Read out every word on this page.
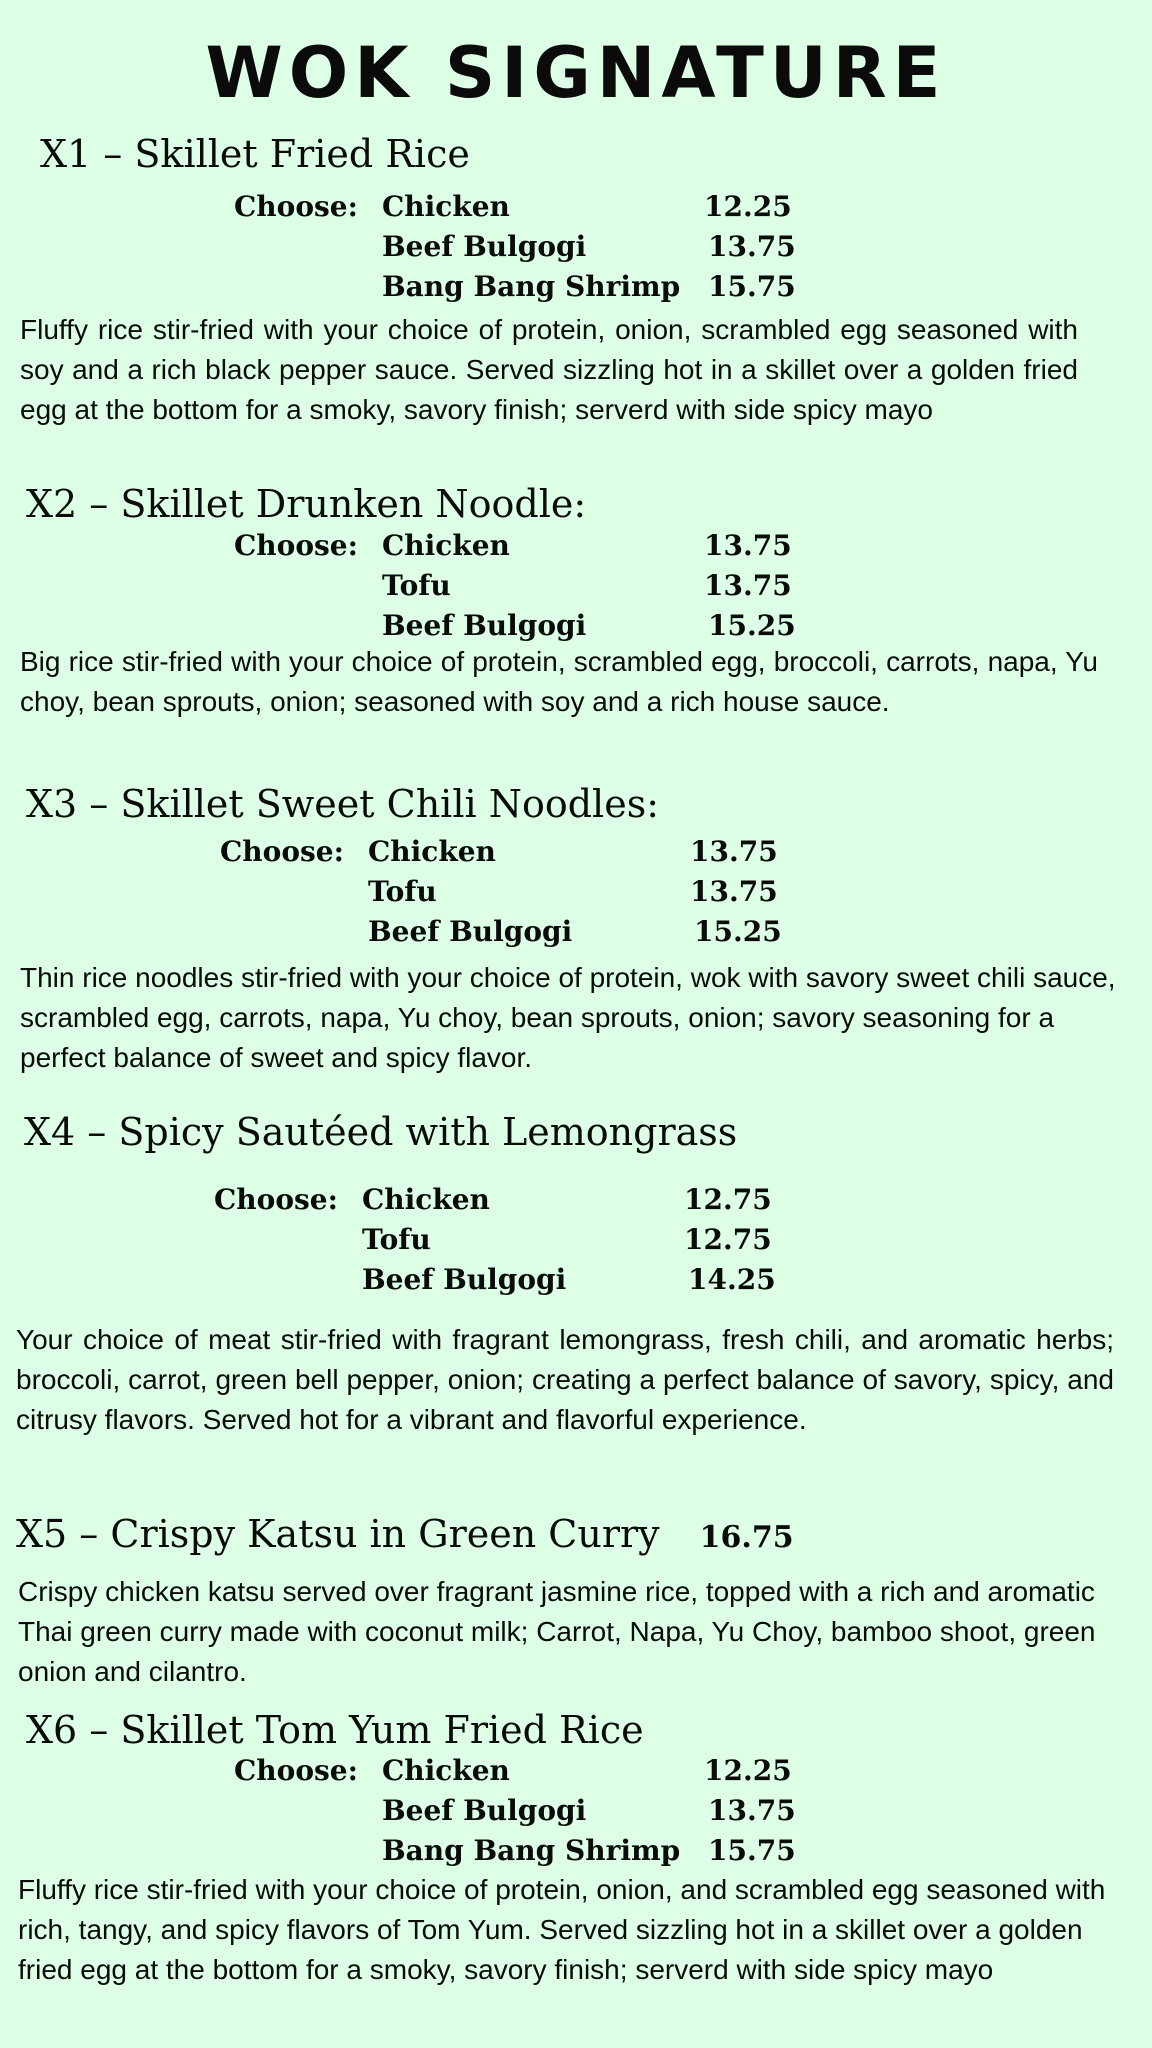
WOK SIGNATURE
X1 – Skillet Fried Rice
Choose: Chicken	12.25
Beef Bulgogi	13.75
Bang Bang Shrimp 15.75
Fluffy rice stir-fried with your choice of protein, onion, scrambled egg seasoned with soy and a rich black pepper sauce. Served sizzling hot in a skillet over a golden fried egg at the bottom for a smoky, savory finish; serverd with side spicy mayo
X2 – Skillet Drunken Noodle:
Choose: Chicken	13.75
Tofu	13.75
Beef Bulgogi	15.25
Big rice stir-fried with your choice of protein, scrambled egg, broccoli, carrots, napa, Yu choy, bean sprouts, onion; seasoned with soy and a rich house sauce.
X3 – Skillet Sweet Chili Noodles:
Choose: Chicken	13.75
Tofu	13.75
Beef Bulgogi	15.25
Thin rice noodles stir-fried with your choice of protein, wok with savory sweet chili sauce, scrambled egg, carrots, napa, Yu choy, bean sprouts, onion; savory seasoning for a perfect balance of sweet and spicy flavor.
X4 – Spicy Sautéed with Lemongrass
Choose: Chicken	12.75
Tofu	12.75
Beef Bulgogi	14.25
Your choice of meat stir-fried with fragrant lemongrass, fresh chili, and aromatic herbs; broccoli, carrot, green bell pepper, onion; creating a perfect balance of savory, spicy, and citrusy flavors. Served hot for a vibrant and flavorful experience.
X5 – Crispy Katsu in Green Curry 16.75
Crispy chicken katsu served over fragrant jasmine rice, topped with a rich and aromatic Thai green curry made with coconut milk; Carrot, Napa, Yu Choy, bamboo shoot, green onion and cilantro.
X6 – Skillet Tom Yum Fried Rice
Choose: Chicken	12.25
Beef Bulgogi	13.75
Bang Bang Shrimp 15.75
Fluffy rice stir-fried with your choice of protein, onion, and scrambled egg seasoned with rich, tangy, and spicy flavors of Tom Yum. Served sizzling hot in a skillet over a golden fried egg at the bottom for a smoky, savory finish; serverd with side spicy mayo
